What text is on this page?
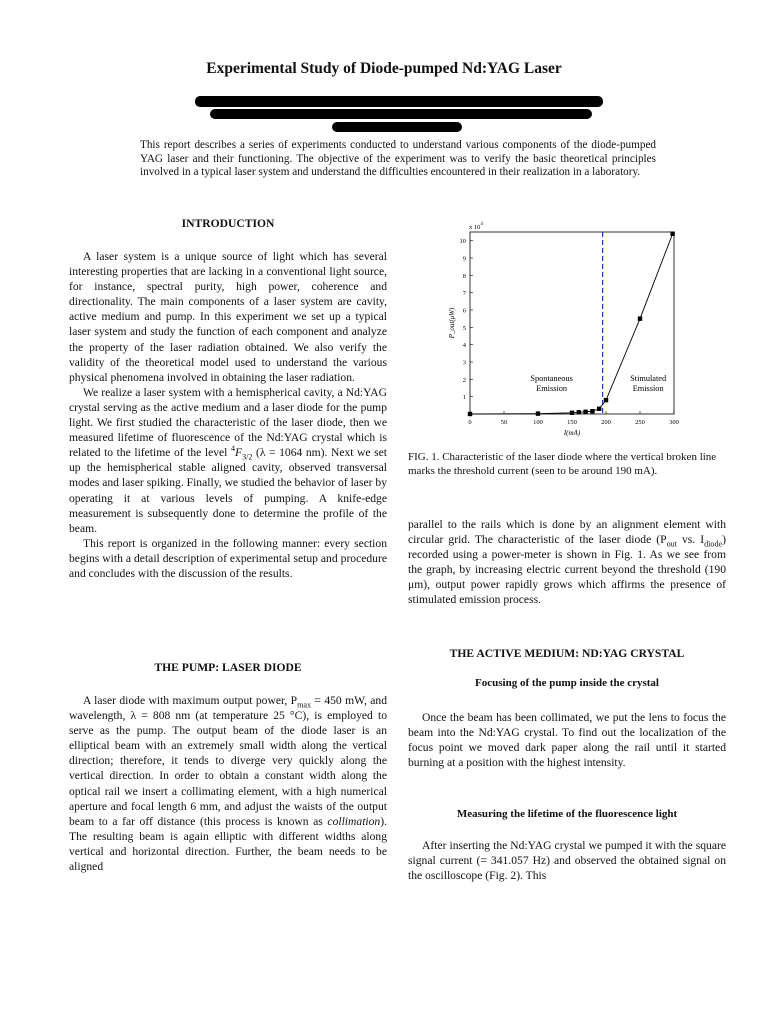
Experimental Study of Diode-pumped Nd:YAG Laser
This report describes a series of experiments conducted to understand various components of the diode-pumped YAG laser and their functioning. The objective of the experiment was to verify the basic theoretical principles involved in a typical laser system and understand the difficulties encountered in their realization in a laboratory.
INTRODUCTION

A laser system is a unique source of light which has several interesting properties that are lacking in a conventional light source, for instance, spectral purity, high power, coherence and directionality. The main components of a laser system are cavity, active medium and pump. In this experiment we set up a typical laser system and study the function of each component and analyze the property of the laser radiation obtained. We also verify the validity of the theoretical model used to understand the various physical phenomena involved in obtaining the laser radiation.

We realize a laser system with a hemispherical cavity, a Nd:YAG crystal serving as the active medium and a laser diode for the pump light. We first studied the characteristic of the laser diode, then we measured lifetime of fluorescence of the Nd:YAG crystal which is related to the lifetime of the level $^4F_{3/2}$ (λ = 1064 nm). Next we set up the hemispherical stable aligned cavity, observed transversal modes and laser spiking. Finally, we studied the behavior of laser by operating it at various levels of pumping. A knife-edge measurement is subsequently done to determine the profile of the beam.

This report is organized in the following manner: every section begins with a detail description of experimental setup and procedure and concludes with the discussion of the results.

THE PUMP: LASER DIODE

A laser diode with maximum output power, $P_{max} = 450$ mW, and wavelength, λ = 808 nm (at temperature 25 °C), is employed to serve as the pump. The output beam of the diode laser is an elliptical beam with an extremely small width along the vertical direction; therefore, it tends to diverge very quickly along the vertical direction. In order to obtain a constant width along the optical rail we insert a collimating element, with a high numerical aperture and focal length 6 mm, and adjust the waists of the output beam to a far off distance (this process is known as collimation). The resulting beam is again elliptic with different widths along vertical and horizontal direction. Further, the beam needs to be aligned

0	50	100	150	200	250	300
1
2
3
4
5
6
7
8
9
10
x $10^4$
I(mA)
P_out(μW)
Spontaneous Emission
Stimulated Emission
FIG. 1. Characteristic of the laser diode where the vertical broken line marks the threshold current (seen to be around 190 mA).

parallel to the rails which is done by an alignment element with circular grid. The characteristic of the laser diode ($P_{out}$ vs. $I_{diode}$) recorded using a power-meter is shown in Fig. 1. As we see from the graph, by increasing electric current beyond the threshold (190 μm), output power rapidly grows which affirms the presence of stimulated emission process.

THE ACTIVE MEDIUM: ND:YAG CRYSTAL
Focusing of the pump inside the crystal

Once the beam has been collimated, we put the lens to focus the beam into the Nd:YAG crystal. To find out the localization of the focus point we moved dark paper along the rail until it started burning at a position with the highest intensity.

Measuring the lifetime of the fluorescence light

After inserting the Nd:YAG crystal we pumped it with the square signal current (= 341.057 Hz) and observed the obtained signal on the oscilloscope (Fig. 2). This
